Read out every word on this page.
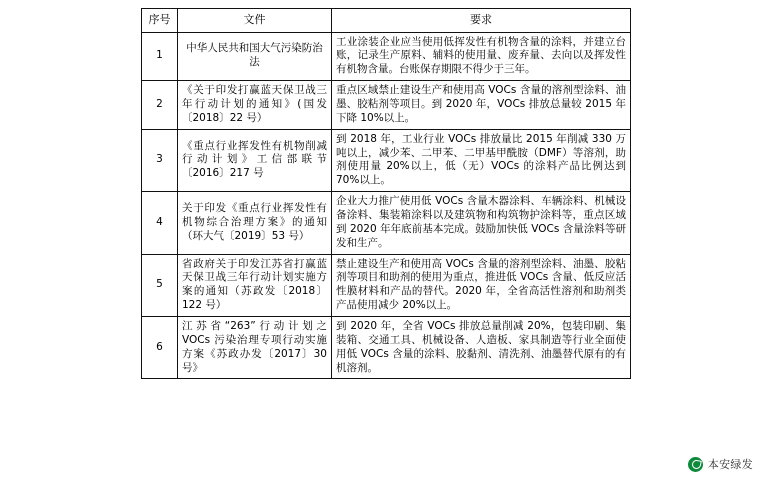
序号	文件	要求
1	中华人民共和国大气污染防治法	工业涂装企业应当使用低挥发性有机物含量的涂料，并建立台账，记录生产原料、辅料的使用量、废弃量、去向以及挥发性有机物含量。台账保存期限不得少于三年。
2	《关于印发打赢蓝天保卫战三年行动计划的通知》(国发〔2018〕22 号）	重点区域禁止建设生产和使用高 VOCs 含量的溶剂型涂料、油墨、胶粘剂等项目。到 2020 年，VOCs 排放总量较 2015 年下降 10%以上。
3	《重点行业挥发性有机物削减行动计划》工信部联节〔2016〕217 号	到 2018 年，工业行业 VOCs 排放量比 2015 年削减 330 万吨以上，减少苯、二甲苯、二甲基甲酰胺（DMF）等溶剂，助剂使用量 20%以上，低（无）VOCs 的涂料产品比例达到 70%以上。
4	关于印发《重点行业挥发性有机物综合治理方案》的通知（环大气〔2019〕53 号）	企业大力推广使用低 VOCs 含量木器涂料、车辆涂料、机械设备涂料、集装箱涂料以及建筑物和构筑物护涂料等，重点区域到 2020 年年底前基本完成。鼓励加快低 VOCs 含量涂料等研发和生产。
5	省政府关于印发江苏省打赢蓝天保卫战三年行动计划实施方案的通知（苏政发〔2018〕122 号）	禁止建设生产和使用高 VOCs 含量的溶剂型涂料、油墨、胶粘剂等项目和助剂的使用为重点，推进低 VOCs 含量、低反应活性膜材料和产品的替代。2020 年，全省高活性溶剂和助剂类产品使用减少 20%以上。
6	江苏省“263”行动计划之 VOCs 污染治理专项行动实施方案《苏政办发〔2017〕30 号》	到 2020 年，全省 VOCs 排放总量削减 20%，包装印刷、集装箱、交通工具、机械设备、人造板、家具制造等行业全面使用低 VOCs 含量的涂料、胶黏剂、清洗剂、油墨替代原有的有机溶剂。
本安绿发
